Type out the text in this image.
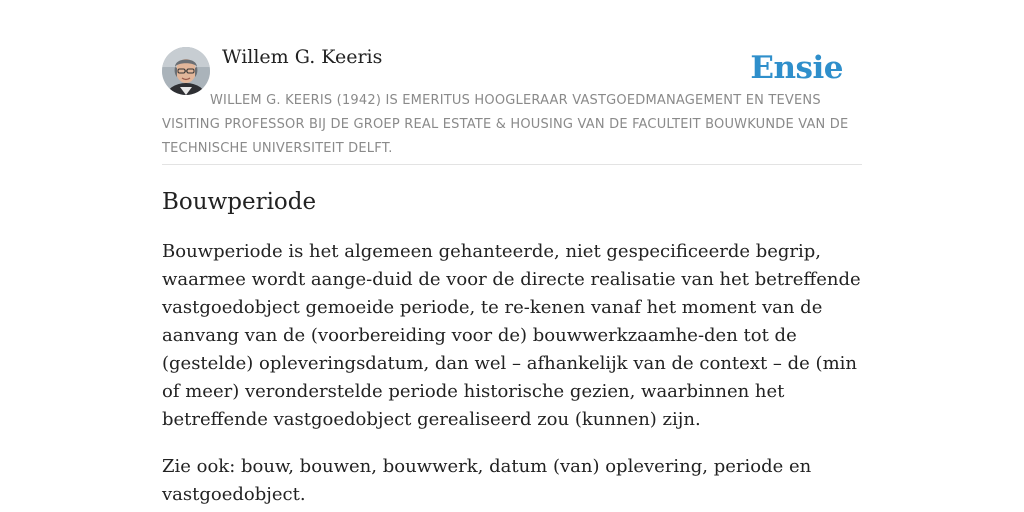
Willem G. Keeris	Ensie
WILLEM G. KEERIS (1942) IS EMERITUS HOOGLERAAR VASTGOEDMANAGEMENT EN TEVENS VISITING PROFESSOR BIJ DE GROEP REAL ESTATE & HOUSING VAN DE FACULTEIT BOUWKUNDE VAN DE TECHNISCHE UNIVERSITEIT DELFT.
Bouwperiode

Bouwperiode is het algemeen gehanteerde, niet gespecificeerde begrip, waarmee wordt aange-duid de voor de directe realisatie van het betreffende vastgoedobject gemoeide periode, te re-kenen vanaf het moment van de aanvang van de (voorbereiding voor de) bouwwerkzaamhe-den tot de (gestelde) opleveringsdatum, dan wel – afhankelijk van de context – de (min of meer) veronderstelde periode historische gezien, waarbinnen het betreffende vastgoedobject gerealiseerd zou (kunnen) zijn.

Zie ook: bouw, bouwen, bouwwerk, datum (van) oplevering, periode en vastgoedobject.
